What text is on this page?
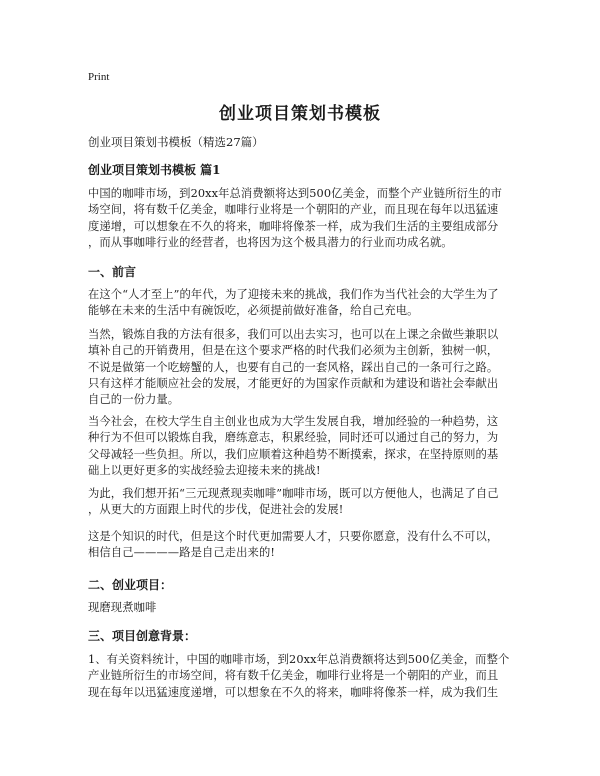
Print
创业项目策划书模板
创业项目策划书模板（精选27篇）
创业项目策划书模板 篇1
中国的咖啡市场，到20xx年总消费额将达到500亿美金，而整个产业链所衍生的市
场空间，将有数千亿美金，咖啡行业将是一个朝阳的产业，而且现在每年以迅猛速
度递增，可以想象在不久的将来，咖啡将像茶一样，成为我们生活的主要组成部分
，而从事咖啡行业的经营者，也将因为这个极具潜力的行业而功成名就。
一、前言
在这个“人才至上”的年代，为了迎接未来的挑战，我们作为当代社会的大学生为了
能够在未来的生活中有碗饭吃，必须提前做好准备，给自己充电。
当然，锻炼自我的方法有很多，我们可以出去实习，也可以在上课之余做些兼职以
填补自己的开销费用，但是在这个要求严格的时代我们必须为主创新，独树一帜，
不说是做第一个吃螃蟹的人，也要有自己的一套风格，踩出自己的一条可行之路。
只有这样才能顺应社会的发展，才能更好的为国家作贡献和为建设和谐社会奉献出
自己的一份力量。
当今社会，在校大学生自主创业也成为大学生发展自我，增加经验的一种趋势，这
种行为不但可以锻炼自我，磨练意志，积累经验，同时还可以通过自己的努力，为
父母减轻一些负担。所以，我们应顺着这种趋势不断摸索，探求，在坚持原则的基
础上以更好更多的实战经验去迎接未来的挑战!
为此，我们想开拓“三元现煮现卖咖啡”咖啡市场，既可以方便他人，也满足了自己
，从更大的方面跟上时代的步伐，促进社会的发展!
这是个知识的时代，但是这个时代更加需要人才，只要你愿意，没有什么不可以，
相信自己————路是自己走出来的!
二、创业项目：
现磨现煮咖啡
三、项目创意背景：
1、有关资料统计，中国的咖啡市场，到20xx年总消费额将达到500亿美金，而整个
产业链所衍生的市场空间，将有数千亿美金，咖啡行业将是一个朝阳的产业，而且
现在每年以迅猛速度递增，可以想象在不久的将来，咖啡将像茶一样，成为我们生
